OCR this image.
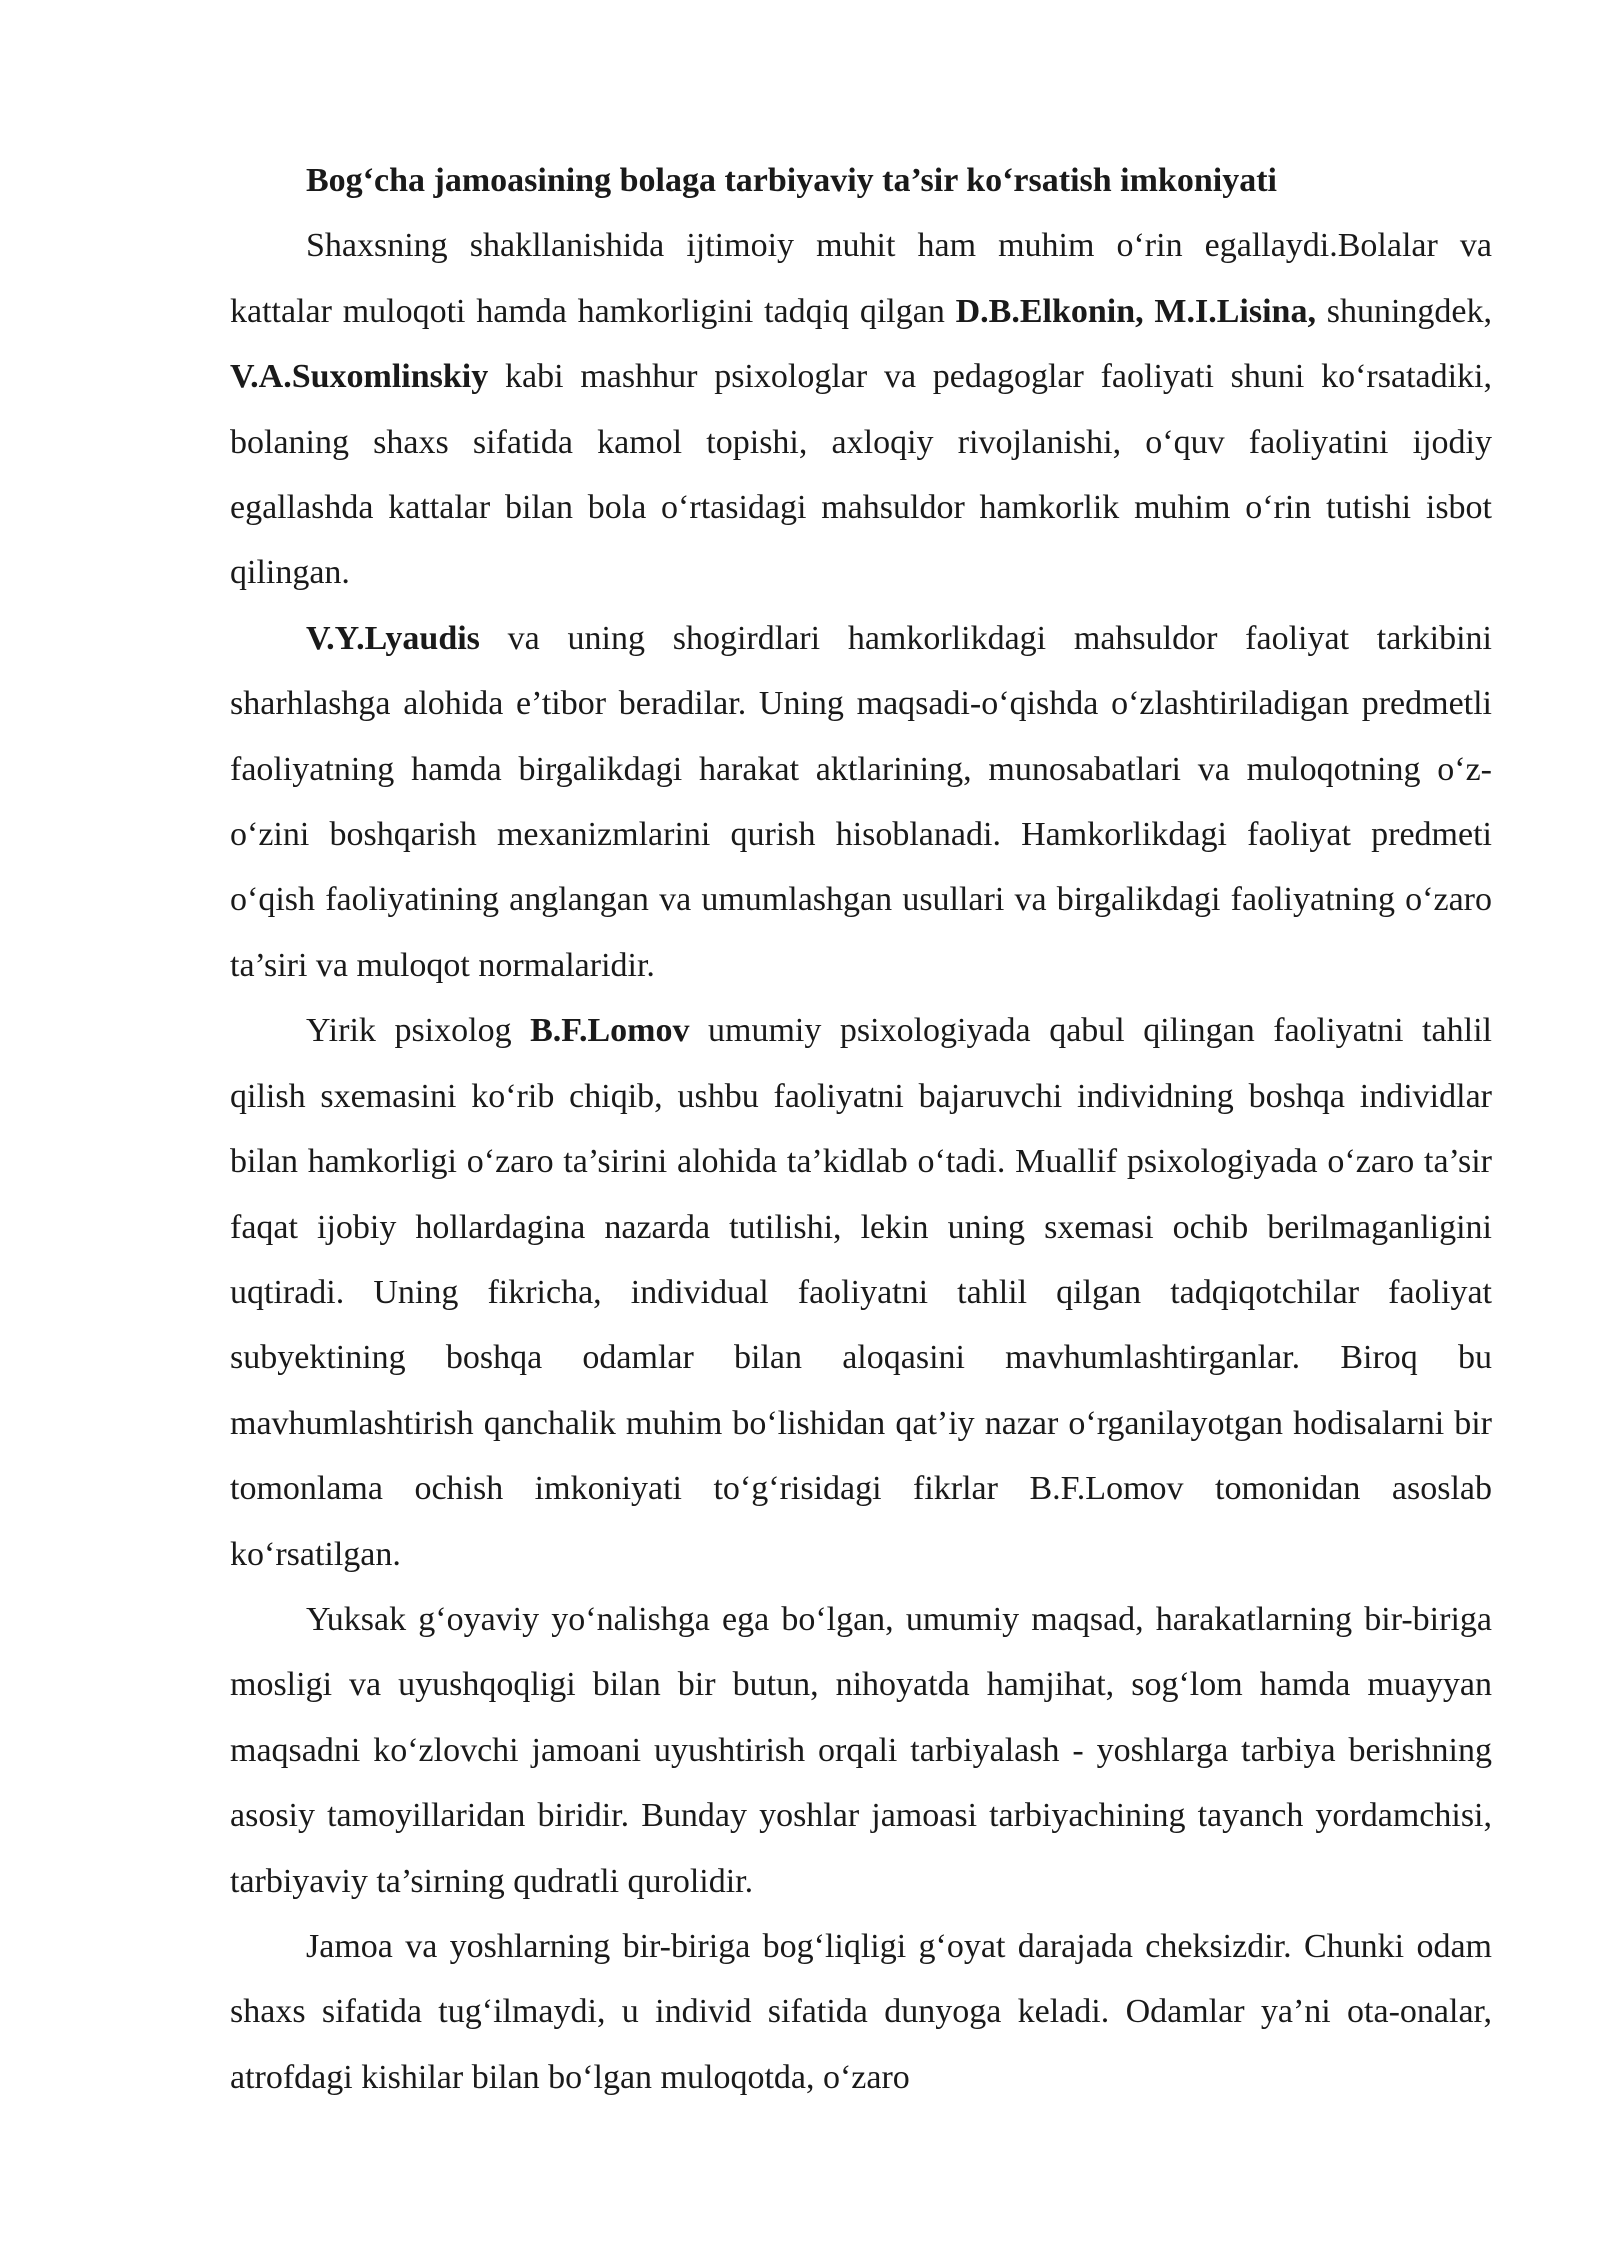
Bog‘cha jamoasining bolaga tarbiyaviy ta’sir ko‘rsatish imkoniyati

Shaxsning shakllanishida ijtimoiy muhit ham muhim o‘rin egallaydi.Bolalar va kattalar muloqoti hamda hamkorligini tadqiq qilgan D.B.Elkonin, M.I.Lisina, shuningdek, V.A.Suxomlinskiy kabi mashhur psixologlar va pedagoglar faoliyati shuni ko‘rsatadiki, bolaning shaxs sifatida kamol topishi, axloqiy rivojlanishi, o‘quv faoliyatini ijodiy egallashda kattalar bilan bola o‘rtasidagi mahsuldor hamkorlik muhim o‘rin tutishi isbot qilingan.

V.Y.Lyaudis va uning shogirdlari hamkorlikdagi mahsuldor faoliyat tarkibini sharhlashga alohida e’tibor beradilar. Uning maqsadi-o‘qishda o‘zlashtiriladigan predmetli faoliyatning hamda birgalikdagi harakat aktlarining, munosabatlari va muloqotning o‘z-o‘zini boshqarish mexanizmlarini qurish hisoblanadi. Hamkorlikdagi faoliyat predmeti o‘qish faoliyatining anglangan va umumlashgan usullari va birgalikdagi faoliyatning o‘zaro ta’siri va muloqot normalaridir.

Yirik psixolog B.F.Lomov umumiy psixologiyada qabul qilingan faoliyatni tahlil qilish sxemasini ko‘rib chiqib, ushbu faoliyatni bajaruvchi individning boshqa individlar bilan hamkorligi o‘zaro ta’sirini alohida ta’kidlab o‘tadi. Muallif psixologiyada o‘zaro ta’sir faqat ijobiy hollardagina nazarda tutilishi, lekin uning sxemasi ochib berilmaganligini uqtiradi. Uning fikricha, individual faoliyatni tahlil qilgan tadqiqotchilar faoliyat subyektining boshqa odamlar bilan aloqasini mavhumlashtirganlar. Biroq bu mavhumlashtirish qanchalik muhim bo‘lishidan qat’iy nazar o‘rganilayotgan hodisalarni bir tomonlama ochish imkoniyati to‘g‘risidagi fikrlar B.F.Lomov tomonidan asoslab ko‘rsatilgan.

Yuksak g‘oyaviy yo‘nalishga ega bo‘lgan, umumiy maqsad, harakatlarning bir-biriga mosligi va uyushqoqligi bilan bir butun, nihoyatda hamjihat, sog‘lom hamda muayyan maqsadni ko‘zlovchi jamoani uyushtirish orqali tarbiyalash - yoshlarga tarbiya berishning asosiy tamoyillaridan biridir. Bunday yoshlar jamoasi tarbiyachining tayanch yordamchisi, tarbiyaviy ta’sirning qudratli qurolidir.

Jamoa va yoshlarning bir-biriga bog‘liqligi g‘oyat darajada cheksizdir. Chunki odam shaxs sifatida tug‘ilmaydi, u individ sifatida dunyoga keladi. Odamlar ya’ni ota-onalar, atrofdagi kishilar bilan bo‘lgan muloqotda, o‘zaro
